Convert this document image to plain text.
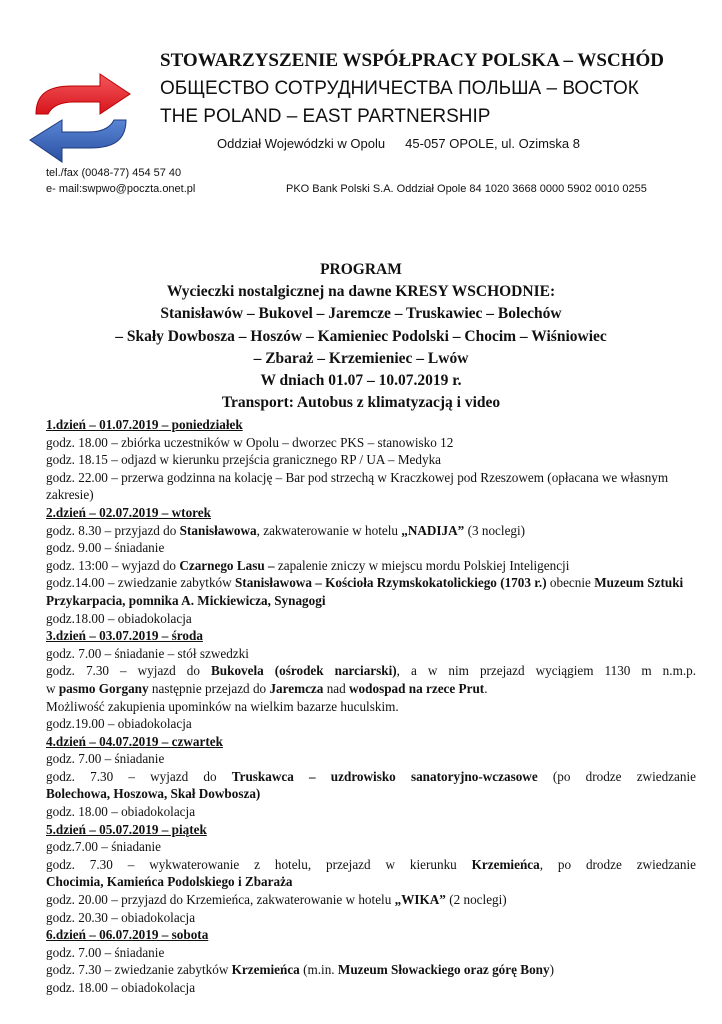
STOWARZYSZENIE WSPÓŁPRACY POLSKA – WSCHÓD
ОБЩЕСТВО СОТРУДНИЧЕСТВА ПОЛЬША – ВОСТОК
THE POLAND – EAST PARTNERSHIP
Oddział Wojewódzki w Opolu 45-057 OPOLE, ul. Ozimska 8
tel./fax (0048-77) 454 57 40
e- mail:swpwo@poczta.onet.pl	PKO Bank Polski S.A. Oddział Opole 84 1020 3668 0000 5902 0010 0255
PROGRAM
Wycieczki nostalgicznej na dawne KRESY WSCHODNIE:
Stanisławów – Bukovel – Jaremcze – Truskawiec – Bolechów
– Skały Dowbosza – Hoszów – Kamieniec Podolski – Chocim – Wiśniowiec
– Zbaraż – Krzemieniec – Lwów
W dniach 01.07 – 10.07.2019 r.
Transport: Autobus z klimatyzacją i video
1.dzień – 01.07.2019 – poniedziałek
godz. 18.00 – zbiórka uczestników w Opolu – dworzec PKS – stanowisko 12
godz. 18.15 – odjazd w kierunku przejścia granicznego RP / UA – Medyka
godz. 22.00 – przerwa godzinna na kolację – Bar pod strzechą w Kraczkowej pod Rzeszowem (opłacana we własnym zakresie)
2.dzień – 02.07.2019 – wtorek
godz. 8.30 – przyjazd do Stanisławowa, zakwaterowanie w hotelu „NADIJA” (3 noclegi)
godz. 9.00 – śniadanie
godz. 13:00 – wyjazd do Czarnego Lasu – zapalenie zniczy w miejscu mordu Polskiej Inteligencji
godz.14.00 – zwiedzanie zabytków Stanisławowa – Kościoła Rzymskokatolickiego (1703 r.) obecnie Muzeum Sztuki Przykarpacia, pomnika A. Mickiewicza, Synagogi
godz.18.00 – obiadokolacja
3.dzień – 03.07.2019 – środa
godz. 7.00 – śniadanie – stół szwedzki
godz. 7.30 – wyjazd do Bukovela (ośrodek narciarski), a w nim przejazd wyciągiem 1130 m n.m.p.
w pasmo Gorgany następnie przejazd do Jaremcza nad wodospad na rzece Prut.
Możliwość zakupienia upominków na wielkim bazarze huculskim.
godz.19.00 – obiadokolacja
4.dzień – 04.07.2019 – czwartek
godz. 7.00 – śniadanie
godz. 7.30 – wyjazd do Truskawca – uzdrowisko sanatoryjno-wczasowe (po drodze zwiedzanie
Bolechowa, Hoszowa, Skał Dowbosza)
godz. 18.00 – obiadokolacja
5.dzień – 05.07.2019 – piątek
godz.7.00 – śniadanie
godz. 7.30 – wykwaterowanie z hotelu, przejazd w kierunku Krzemieńca, po drodze zwiedzanie
Chocimia, Kamieńca Podolskiego i Zbaraża
godz. 20.00 – przyjazd do Krzemieńca, zakwaterowanie w hotelu „WIKA” (2 noclegi)
godz. 20.30 – obiadokolacja
6.dzień – 06.07.2019 – sobota
godz. 7.00 – śniadanie
godz. 7.30 – zwiedzanie zabytków Krzemieńca (m.in. Muzeum Słowackiego oraz górę Bony)
godz. 18.00 – obiadokolacja
